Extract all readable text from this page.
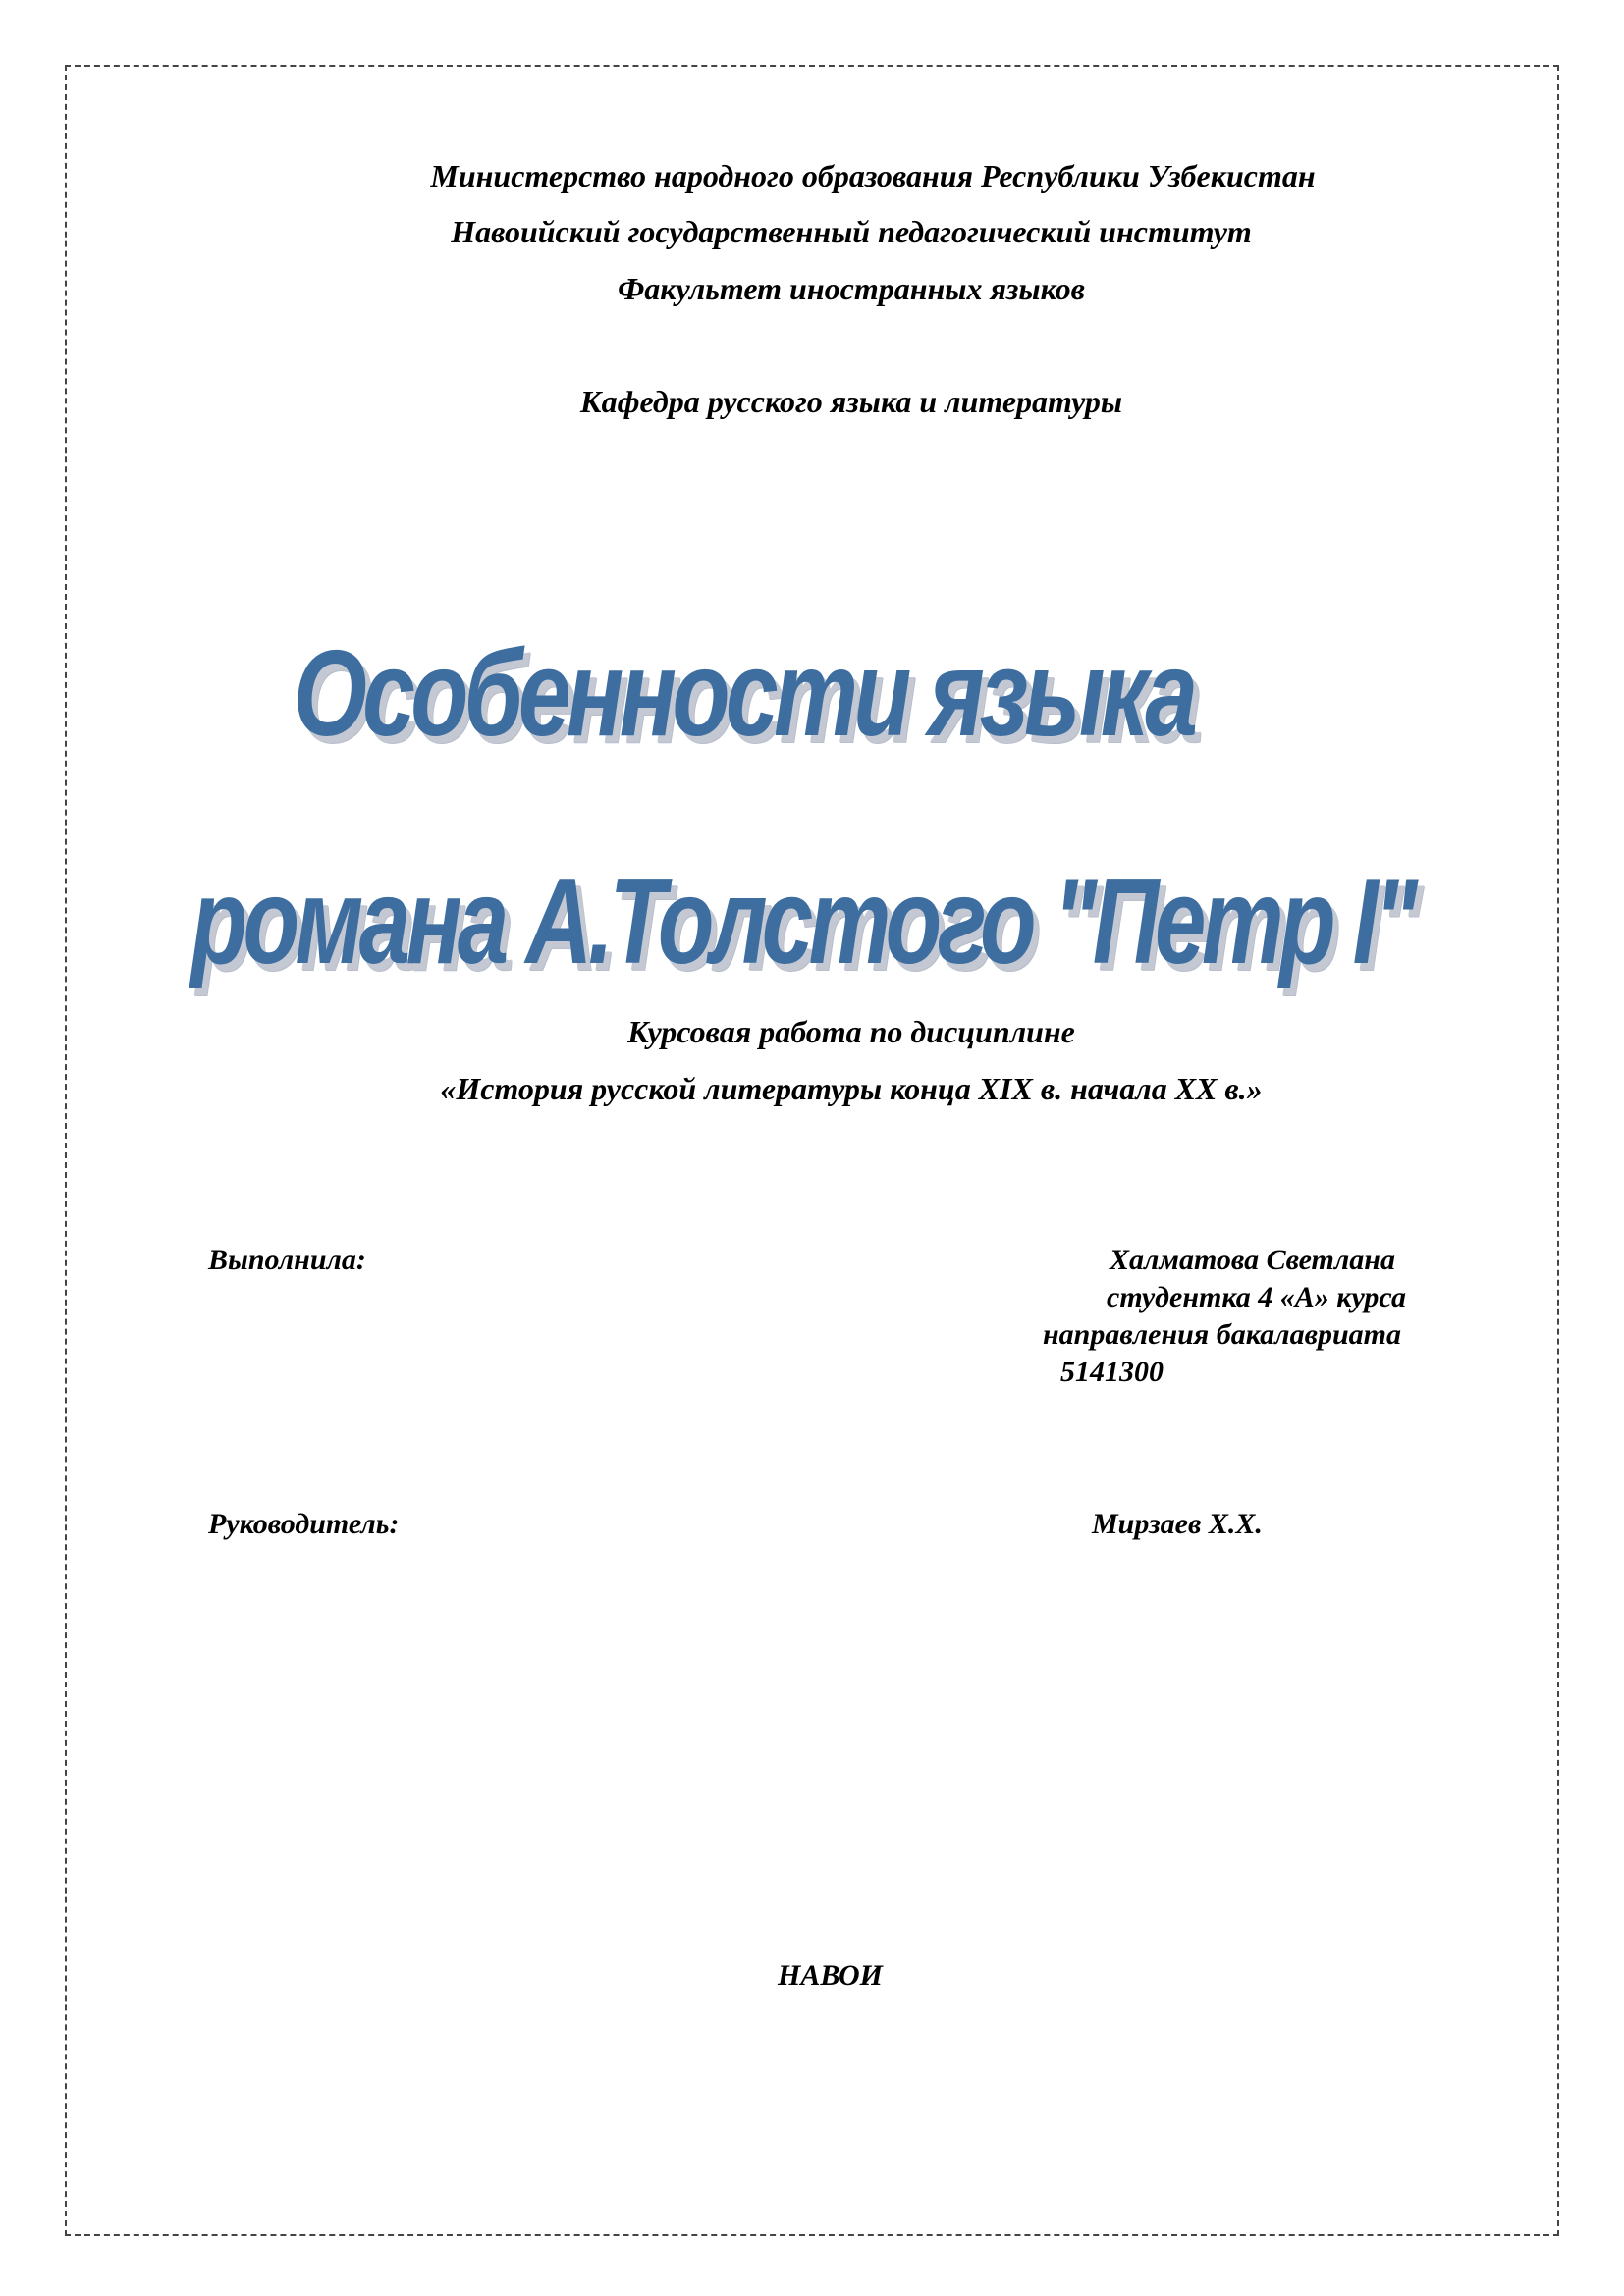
Министерство народного образования Республики Узбекистан
Навоийский государственный педагогический институт
Факультет иностранных языков
Кафедра русского языка и литературы
Особенности языка
романа А.Толстого "Петр I"
Курсовая работа по дисциплине
«История русской литературы конца XIX в. начала XX в.»
Выполнила:	Халматова Светлана
студентка 4 «А» курса
направления бакалавриата
5141300
Руководитель:	Мирзаев Х.Х.
НАВОИ
